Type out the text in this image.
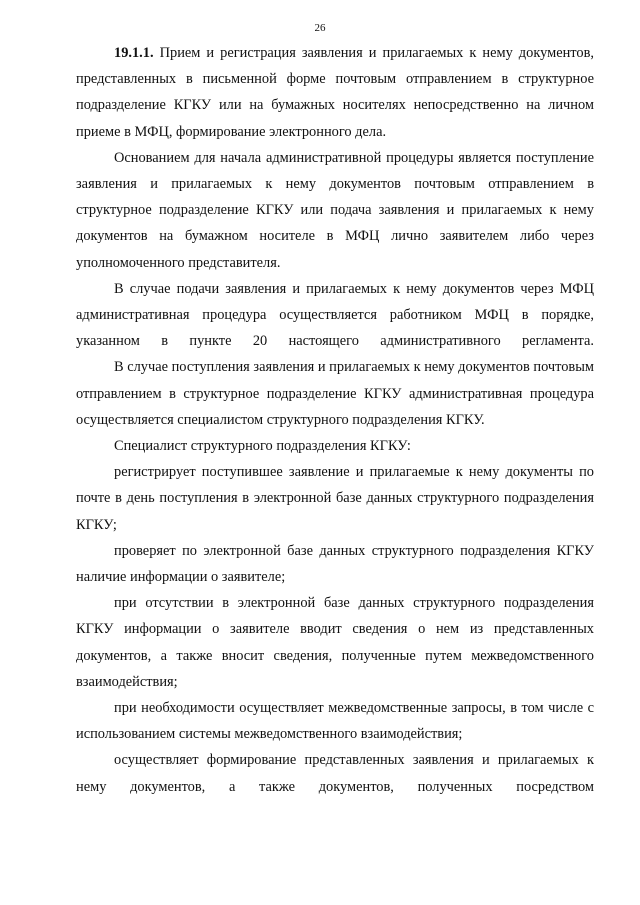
26

19.1.1. Прием и регистрация заявления и прилагаемых к нему документов, представленных в письменной форме почтовым отправлением в структурное подразделение КГКУ или на бумажных носителях непосредственно на личном приеме в МФЦ, формирование электронного дела.

Основанием для начала административной процедуры является поступление заявления и прилагаемых к нему документов почтовым отправлением в структурное подразделение КГКУ или подача заявления и прилагаемых к нему документов на бумажном носителе в МФЦ лично заявителем либо через уполномоченного представителя.

В случае подачи заявления и прилагаемых к нему документов через МФЦ административная процедура осуществляется работником МФЦ в порядке, указанном в пункте 20 настоящего административного регламента.

В случае поступления заявления и прилагаемых к нему документов почтовым отправлением в структурное подразделение КГКУ административная процедура осуществляется специалистом структурного подразделения КГКУ.

Специалист структурного подразделения КГКУ:

регистрирует поступившее заявление и прилагаемые к нему документы по почте в день поступления в электронной базе данных структурного подразделения КГКУ;

проверяет по электронной базе данных структурного подразделения КГКУ наличие информации о заявителе;

при отсутствии в электронной базе данных структурного подразделения КГКУ информации о заявителе вводит сведения о нем из представленных документов, а также вносит сведения, полученные путем межведомственного взаимодействия;

при необходимости осуществляет межведомственные запросы, в том числе с использованием системы межведомственного взаимодействия;

осуществляет формирование представленных заявления и прилагаемых к нему документов, а также документов, полученных посредством
